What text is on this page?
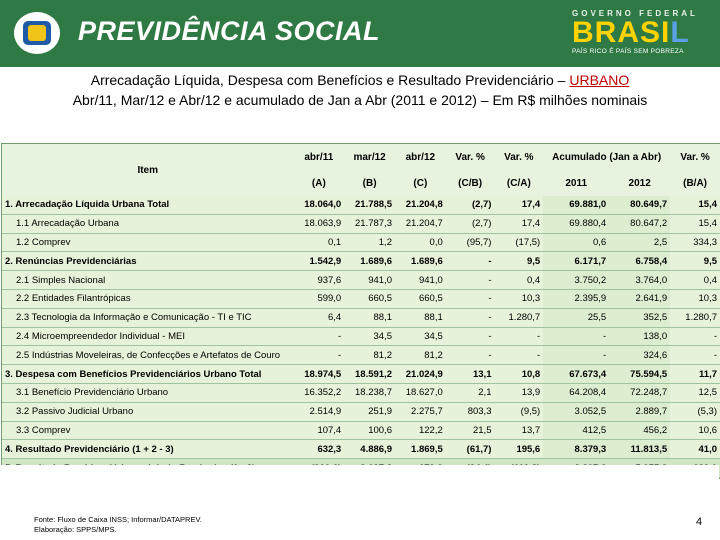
PREVIDÊNCIA SOCIAL
GOVERNO FEDERAL
BRASIL
PAÍS RICO É PAÍS SEM POBREZA
Arrecadação Líquida, Despesa com Benefícios e Resultado Previdenciário – URBANO
Abr/11, Mar/12 e Abr/12 e acumulado de Jan a Abr (2011 e 2012) – Em R$ milhões nominais
Item	abr/11	mar/12	abr/12	Var. %	Var. %	Acumulado (Jan a Abr)		Var. %
	(A)	(B)	(C)	(C/B)	(C/A)	2011	2012	(B/A)
1. Arrecadação Líquida Urbana Total	18.064,0	21.788,5	21.204,8	(2,7)	17,4	69.881,0	80.649,7	15,4
1.1 Arrecadação Urbana	18.063,9	21.787,3	21.204,7	(2,7)	17,4	69.880,4	80.647,2	15,4
1.2 Comprev	0,1	1,2	0,0	(95,7)	(17,5)	0,6	2,5	334,3
2. Renúncias Previdenciárias	1.542,9	1.689,6	1.689,6	-	9,5	6.171,7	6.758,4	9,5
2.1 Simples Nacional	937,6	941,0	941,0	-	0,4	3.750,2	3.764,0	0,4
2.2 Entidades Filantrópicas	599,0	660,5	660,5	-	10,3	2.395,9	2.641,9	10,3
2.3 Tecnologia da Informação e Comunicação - TI e TIC	6,4	88,1	88,1	-	1.280,7	25,5	352,5	1.280,7
2.4 Microempreendedor Individual - MEI	-	34,5	34,5	-	-	-	138,0	-
2.5 Indústrias Moveleiras, de Confecções e Artefatos de Couro	-	81,2	81,2	-	-	-	324,6	-
3. Despesa com Benefícios Previdenciários Urbano Total	18.974,5	18.591,2	21.024,9	13,1	10,8	67.673,4	75.594,5	11,7
3.1 Benefício Previdenciário Urbano	16.352,2	18.238,7	18.627,0	2,1	13,9	64.208,4	72.248,7	12,5
3.2 Passivo Judicial Urbano	2.514,9	251,9	2.275,7	803,3	(9,5)	3.052,5	2.889,7	(5,3)
3.3 Comprev	107,4	100,6	122,2	21,5	13,7	412,5	456,2	10,6
4. Resultado Previdenciário (1 + 2 - 3)	632,3	4.886,9	1.869,5	(61,7)	195,6	8.379,3	11.813,5	41,0

Fonte: Fluxo de Caixa INSS; Informar/DATAPREV.
Elaboração: SPPS/MPS.
4
